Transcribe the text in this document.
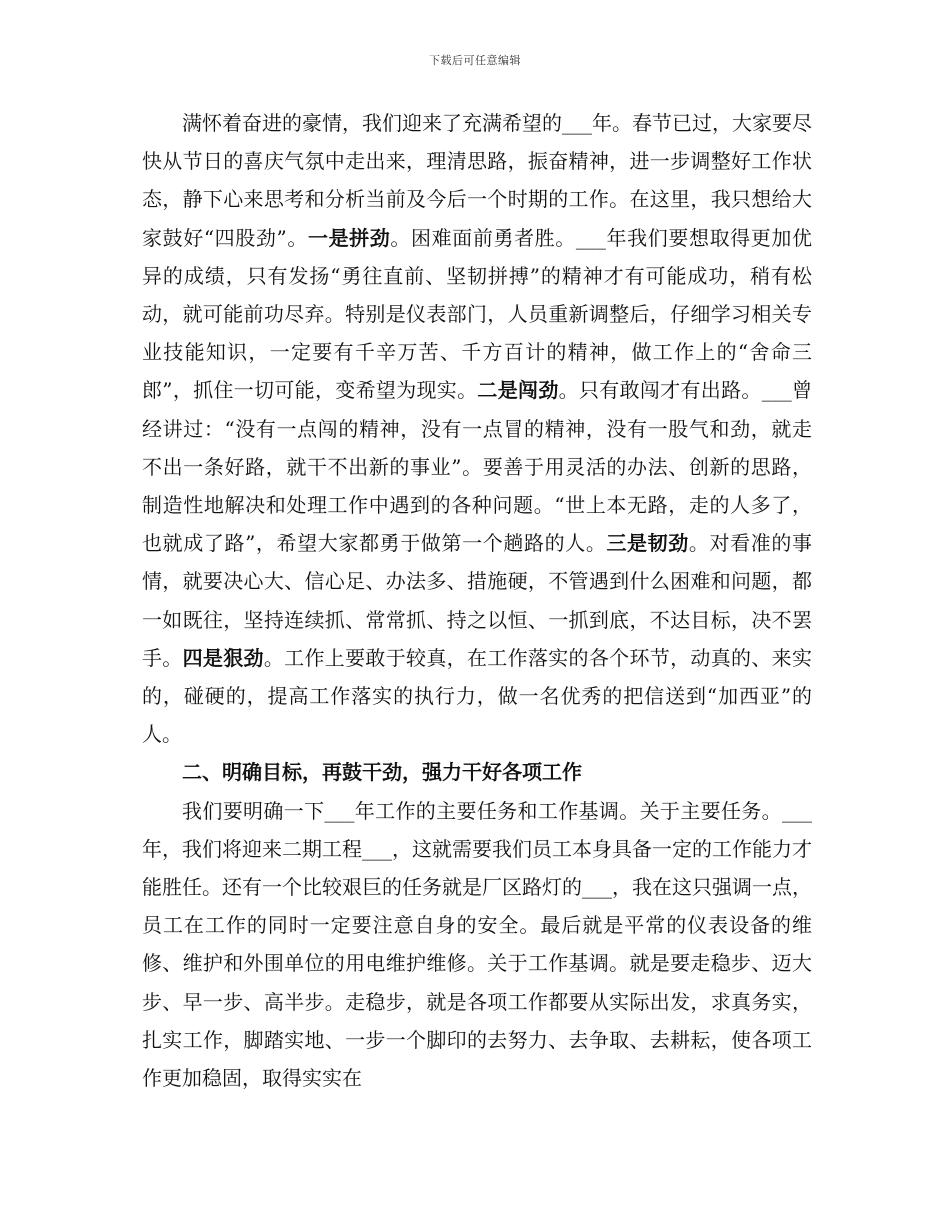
下载后可任意编辑

满怀着奋进的豪情，我们迎来了充满希望的___年。春节已过，大家要尽快从节日的喜庆气氛中走出来，理清思路，振奋精神，进一步调整好工作状态，静下心来思考和分析当前及今后一个时期的工作。在这里，我只想给大家鼓好“四股劲”。一是拼劲。困难面前勇者胜。___年我们要想取得更加优异的成绩，只有发扬“勇往直前、坚韧拼搏”的精神才有可能成功，稍有松动，就可能前功尽弃。特别是仪表部门，人员重新调整后，仔细学习相关专业技能知识，一定要有千辛万苦、千方百计的精神，做工作上的“舍命三郎”，抓住一切可能，变希望为现实。二是闯劲。只有敢闯才有出路。___曾经讲过：“没有一点闯的精神，没有一点冒的精神，没有一股气和劲，就走不出一条好路，就干不出新的事业”。要善于用灵活的办法、创新的思路，制造性地解决和处理工作中遇到的各种问题。“世上本无路，走的人多了，也就成了路”，希望大家都勇于做第一个趟路的人。三是韧劲。对看准的事情，就要决心大、信心足、办法多、措施硬，不管遇到什么困难和问题，都一如既往，坚持连续抓、常常抓、持之以恒、一抓到底，不达目标，决不罢手。四是狠劲。工作上要敢于较真，在工作落实的各个环节，动真的、来实的，碰硬的，提高工作落实的执行力，做一名优秀的把信送到“加西亚”的人。

二、明确目标，再鼓干劲，强力干好各项工作

我们要明确一下___年工作的主要任务和工作基调。关于主要任务。___年，我们将迎来二期工程___，这就需要我们员工本身具备一定的工作能力才能胜任。还有一个比较艰巨的任务就是厂区路灯的___，我在这只强调一点，员工在工作的同时一定要注意自身的安全。最后就是平常的仪表设备的维修、维护和外围单位的用电维护维修。关于工作基调。就是要走稳步、迈大步、早一步、高半步。走稳步，就是各项工作都要从实际出发，求真务实，扎实工作，脚踏实地、一步一个脚印的去努力、去争取、去耕耘，使各项工作更加稳固，取得实实在
